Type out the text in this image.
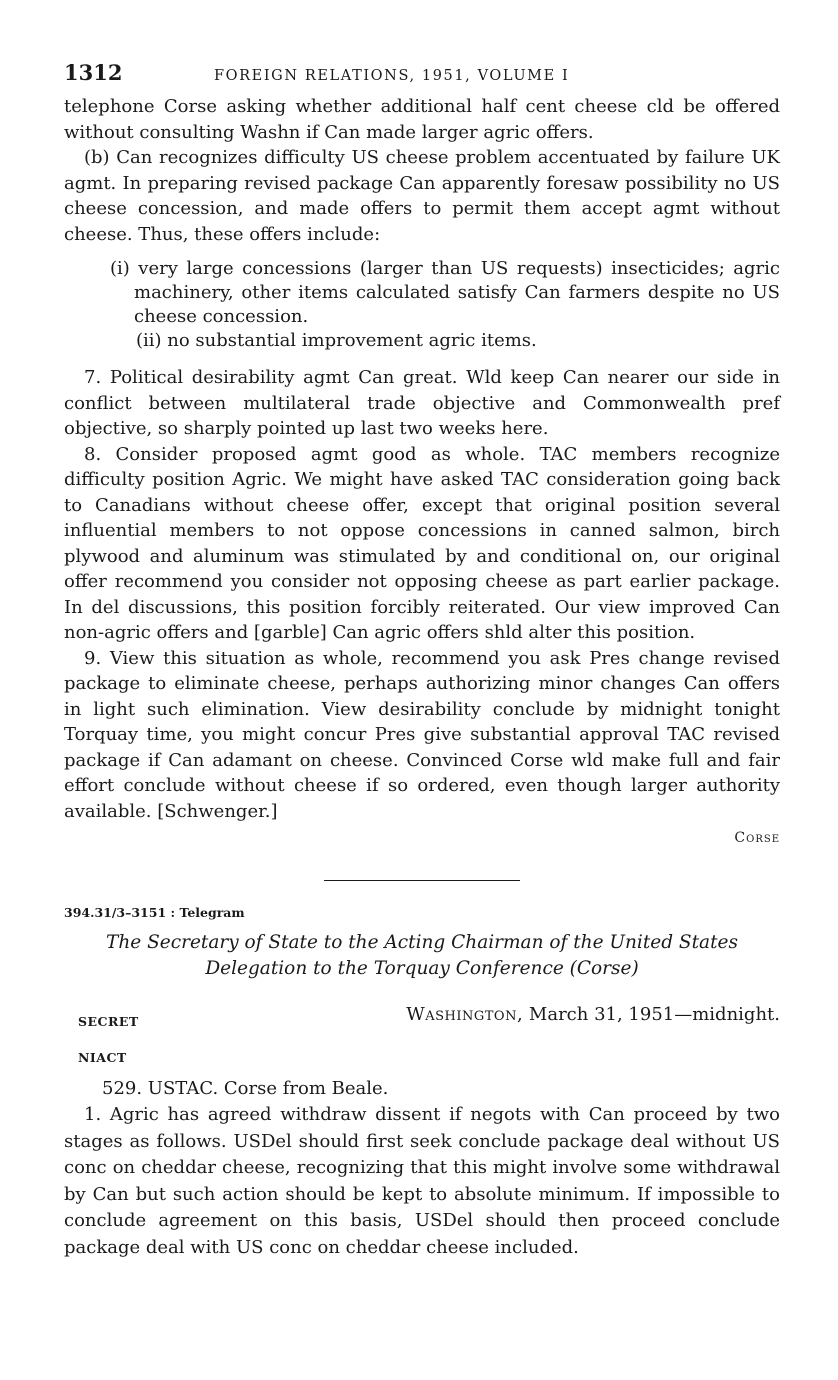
1312	FOREIGN RELATIONS, 1951, VOLUME I

telephone Corse asking whether additional half cent cheese cld be offered without consulting Washn if Can made larger agric offers.

(b) Can recognizes difficulty US cheese problem accentuated by failure UK agmt. In preparing revised package Can apparently foresaw possibility no US cheese concession, and made offers to permit them accept agmt without cheese. Thus, these offers include:

(i) very large concessions (larger than US requests) insecticides; agric machinery, other items calculated satisfy Can farmers despite no US cheese concession.

(ii) no substantial improvement agric items.

7. Political desirability agmt Can great. Wld keep Can nearer our side in conflict between multilateral trade objective and Commonwealth pref objective, so sharply pointed up last two weeks here.

8. Consider proposed agmt good as whole. TAC members recognize difficulty position Agric. We might have asked TAC consideration going back to Canadians without cheese offer, except that original position several influential members to not oppose concessions in canned salmon, birch plywood and aluminum was stimulated by and conditional on, our original offer recommend you consider not opposing cheese as part earlier package. In del discussions, this position forcibly reiterated. Our view improved Can non-agric offers and [garble] Can agric offers shld alter this position.

9. View this situation as whole, recommend you ask Pres change revised package to eliminate cheese, perhaps authorizing minor changes Can offers in light such elimination. View desirability conclude by midnight tonight Torquay time, you might concur Pres give substantial approval TAC revised package if Can adamant on cheese. Convinced Corse wld make full and fair effort conclude without cheese if so ordered, even though larger authority available. [Schwenger.]

Corse
394.31/3–3151 : Telegram
The Secretary of State to the Acting Chairman of the United States Delegation to the Torquay Conference (Corse)
SECRET
NIACT
Washington, March 31, 1951—midnight.
529. USTAC. Corse from Beale.

1. Agric has agreed withdraw dissent if negots with Can proceed by two stages as follows. USDel should first seek conclude package deal without US conc on cheddar cheese, recognizing that this might involve some withdrawal by Can but such action should be kept to absolute minimum. If impossible to conclude agreement on this basis, USDel should then proceed conclude package deal with US conc on cheddar cheese included.
